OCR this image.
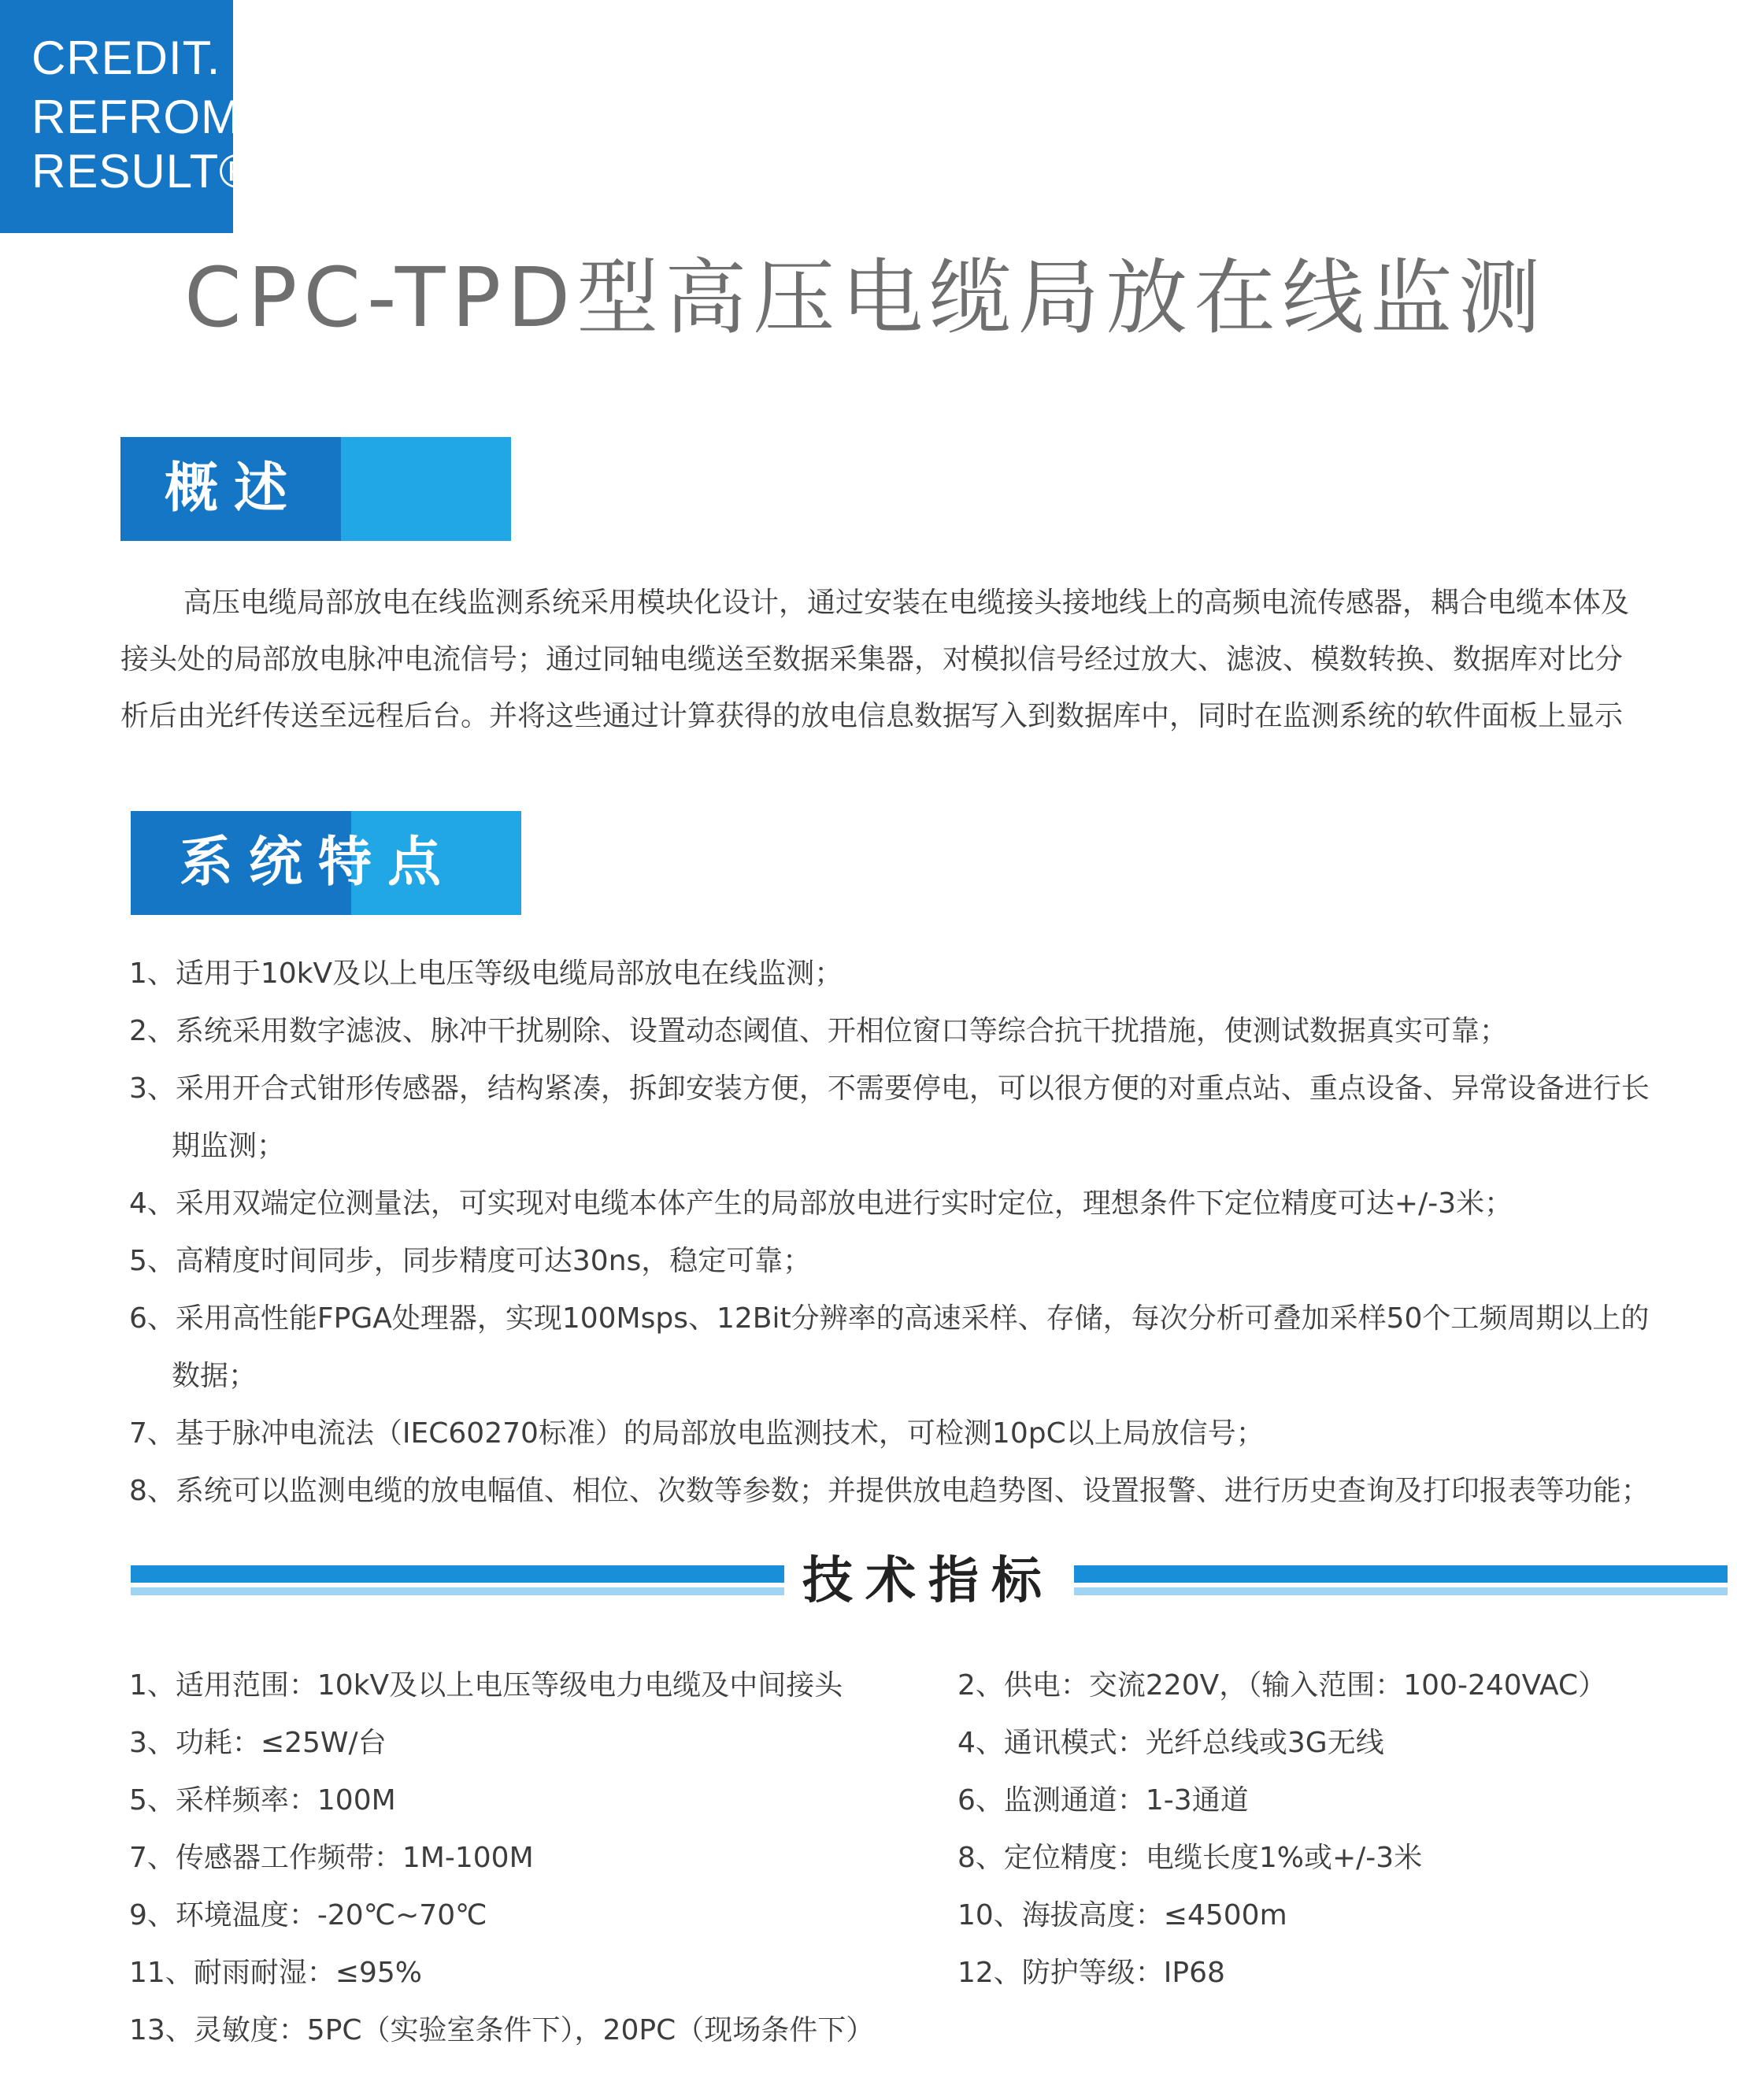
CREDIT.
REFROM.
RESULT®
CPC-TPD型高压电缆局放在线监测
概述
高压电缆局部放电在线监测系统采用模块化设计，通过安装在电缆接头接地线上的高频电流传感器，耦合电缆本体及
接头处的局部放电脉冲电流信号；通过同轴电缆送至数据采集器，对模拟信号经过放大、滤波、模数转换、数据库对比分
析后由光纤传送至远程后台。并将这些通过计算获得的放电信息数据写入到数据库中，同时在监测系统的软件面板上显示
系统特点
1、适用于10kV及以上电压等级电缆局部放电在线监测；
2、系统采用数字滤波、脉冲干扰剔除、设置动态阈值、开相位窗口等综合抗干扰措施，使测试数据真实可靠；
3、采用开合式钳形传感器，结构紧凑，拆卸安装方便，不需要停电，可以很方便的对重点站、重点设备、异常设备进行长
期监测；
4、采用双端定位测量法，可实现对电缆本体产生的局部放电进行实时定位，理想条件下定位精度可达+/-3米；
5、高精度时间同步，同步精度可达30ns，稳定可靠；
6、采用高性能FPGA处理器，实现100Msps、12Bit分辨率的高速采样、存储，每次分析可叠加采样50个工频周期以上的
数据；
7、基于脉冲电流法（IEC60270标准）的局部放电监测技术，可检测10pC以上局放信号；
8、系统可以监测电缆的放电幅值、相位、次数等参数；并提供放电趋势图、设置报警、进行历史查询及打印报表等功能；
技术指标
1、适用范围：10kV及以上电压等级电力电缆及中间接头	2、供电：交流220V，（输入范围：100-240VAC）
3、功耗：≤25W/台	4、通讯模式：光纤总线或3G无线
5、采样频率：100M	6、监测通道：1-3通道
7、传感器工作频带：1M-100M	8、定位精度：电缆长度1%或+/-3米
9、环境温度：-20℃~70℃	10、海拔高度：≤4500m
11、耐雨耐湿：≤95%	12、防护等级：IP68
13、灵敏度：5PC（实验室条件下），20PC（现场条件下）
